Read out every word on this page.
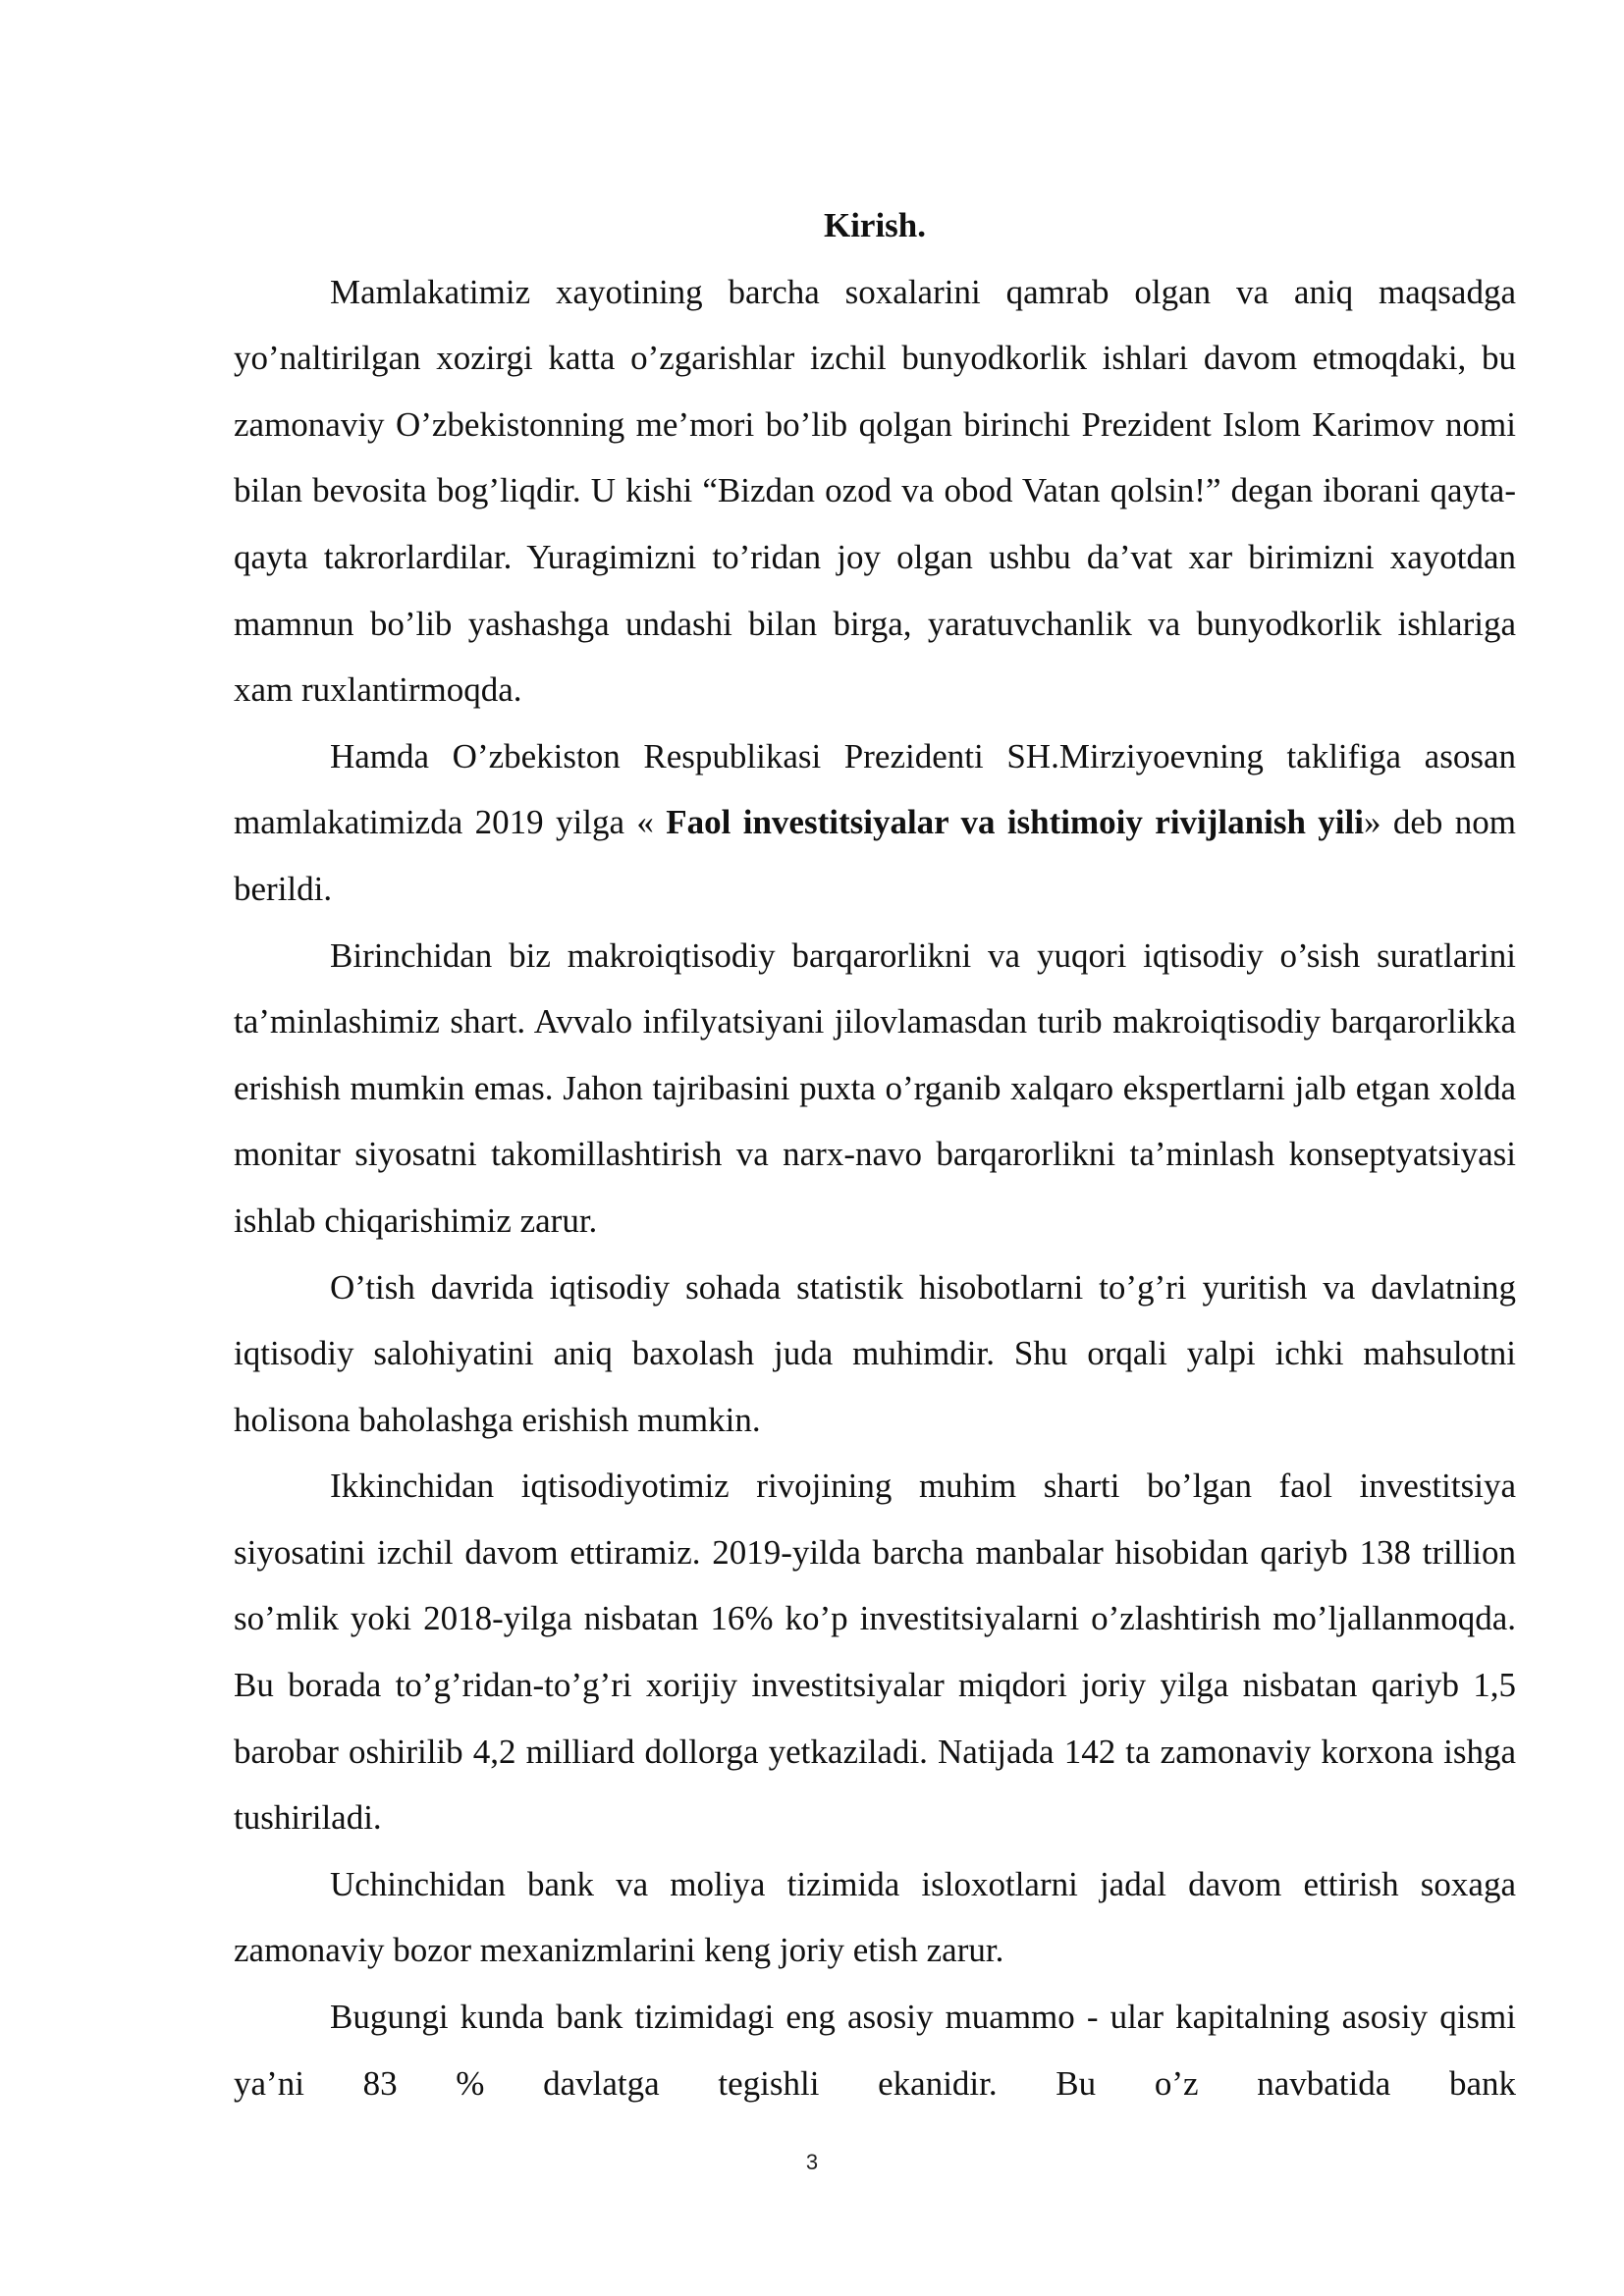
Kirish.

Mamlakatimiz xayotining barcha soxalarini qamrab olgan va aniq maqsadga yo’naltirilgan xozirgi katta o’zgarishlar izchil bunyodkorlik ishlari davom etmoqdaki, bu zamonaviy O’zbekistonning me’mori bo’lib qolgan birinchi Prezident Islom Karimov nomi bilan bevosita bog’liqdir. U kishi “Bizdan ozod va obod Vatan qolsin!” degan iborani qayta-qayta takrorlardilar. Yuragimizni to’ridan joy olgan ushbu da’vat xar birimizni xayotdan mamnun bo’lib yashashga undashi bilan birga, yaratuvchanlik va bunyodkorlik ishlariga xam ruxlantirmoqda.

Hamda O’zbekiston Respublikasi Prezidenti SH.Mirziyoevning taklifiga asosan mamlakatimizda 2019 yilga « Faol investitsiyalar va ishtimoiy rivijlanish yili» deb nom berildi.

Birinchidan biz makroiqtisodiy barqarorlikni va yuqori iqtisodiy o’sish suratlarini ta’minlashimiz shart. Avvalo infilyatsiyani jilovlamasdan turib makroiqtisodiy barqarorlikka erishish mumkin emas. Jahon tajribasini puxta o’rganib xalqaro ekspertlarni jalb etgan xolda monitar siyosatni takomillashtirish va narx-navo barqarorlikni ta’minlash konseptyatsiyasi ishlab chiqarishimiz zarur.

O’tish davrida iqtisodiy sohada statistik hisobotlarni to’g’ri yuritish va davlatning iqtisodiy salohiyatini aniq baxolash juda muhimdir. Shu orqali yalpi ichki mahsulotni holisona baholashga erishish mumkin.

Ikkinchidan iqtisodiyotimiz rivojining muhim sharti bo’lgan faol investitsiya siyosatini izchil davom ettiramiz. 2019-yilda barcha manbalar hisobidan qariyb 138 trillion so’mlik yoki 2018-yilga nisbatan 16% ko’p investitsiyalarni o’zlashtirish mo’ljallanmoqda. Bu borada to’g’ridan-to’g’ri xorijiy investitsiyalar miqdori joriy yilga nisbatan qariyb 1,5 barobar oshirilib 4,2 milliard dollorga yetkaziladi. Natijada 142 ta zamonaviy korxona ishga tushiriladi.

Uchinchidan bank va moliya tizimida isloxotlarni jadal davom ettirish soxaga zamonaviy bozor mexanizmlarini keng joriy etish zarur.

Bugungi kunda bank tizimidagi eng asosiy muammo - ular kapitalning asosiy qismi ya’ni 83 % davlatga tegishli ekanidir. Bu o’z navbatida bank

3
